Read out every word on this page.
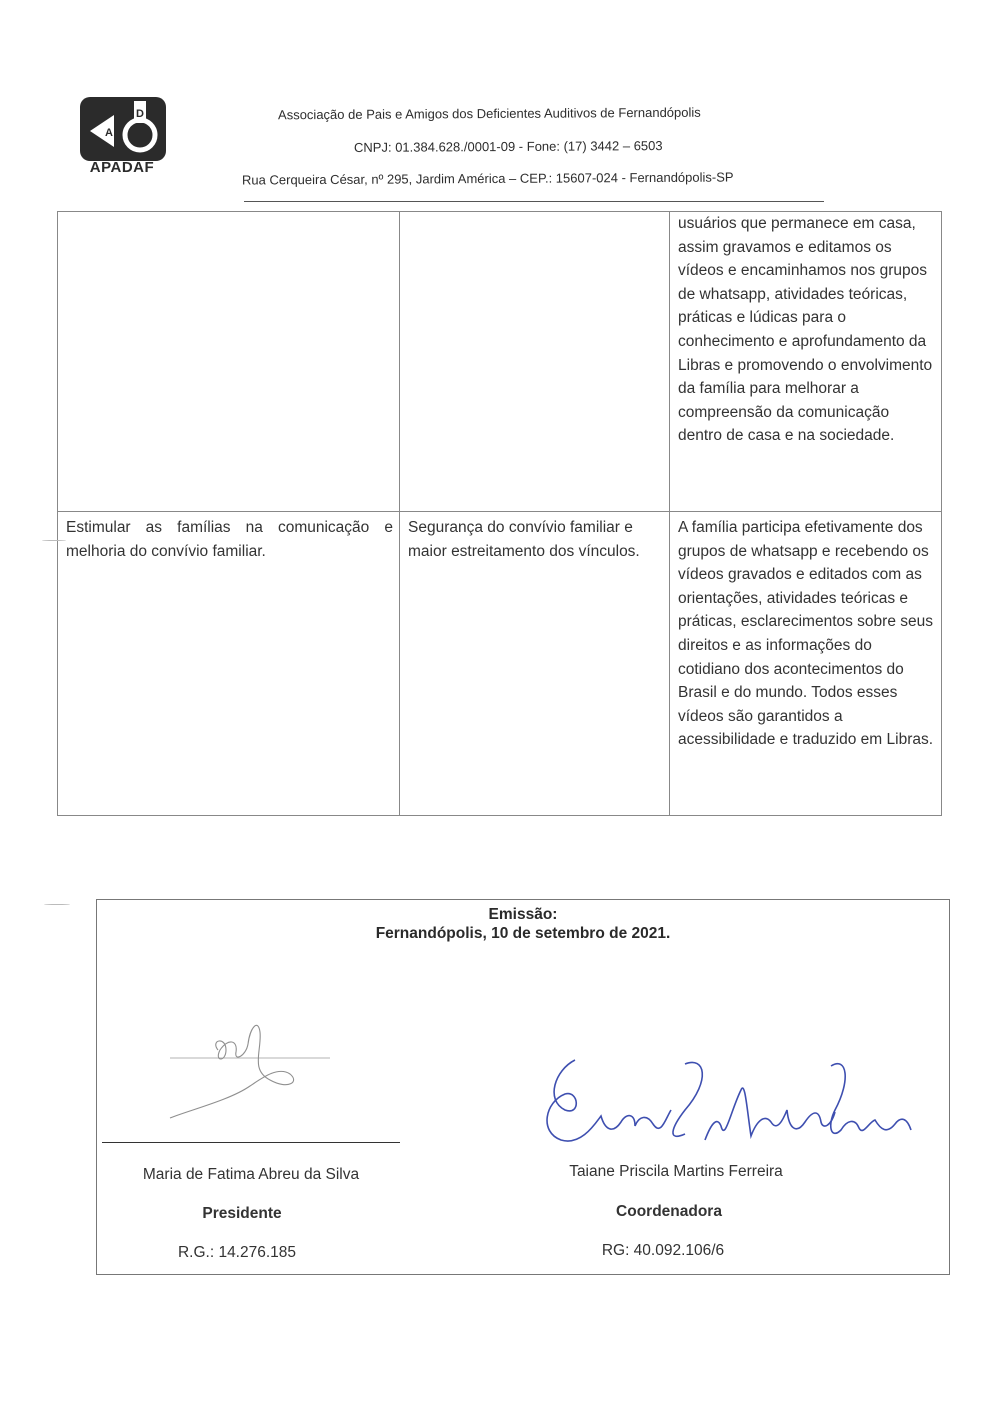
A
D
APADAF
Associação de Pais e Amigos dos Deficientes Auditivos de Fernandópolis
CNPJ: 01.384.628./0001-09 - Fone: (17) 3442 – 6503
Rua Cerqueira César, nº 295, Jardim América – CEP.: 15607-024 - Fernandópolis-SP

		usuários que permanece em casa, assim gravamos e editamos os vídeos e encaminhamos nos grupos de whatsapp, atividades teóricas, práticas e lúdicas para o conhecimento e aprofundamento da Libras e promovendo o envolvimento da família para melhorar a compreensão da comunicação dentro de casa e na sociedade.

Estimular as famílias na comunicação e melhoria do convívio familiar.	Segurança do convívio familiar e maior estreitamento dos vínculos.	A família participa efetivamente dos grupos de whatsapp e recebendo os vídeos gravados e editados com as orientações, atividades teóricas e práticas, esclarecimentos sobre seus direitos e as informações do cotidiano dos acontecimentos do Brasil e do mundo. Todos esses vídeos são garantidos a acessibilidade e traduzido em Libras.
Emissão:
Fernandópolis, 10 de setembro de 2021.
Maria de Fatima Abreu da Silva
Presidente
R.G.: 14.276.185
Taiane Priscila Martins Ferreira
Coordenadora
RG: 40.092.106/6
